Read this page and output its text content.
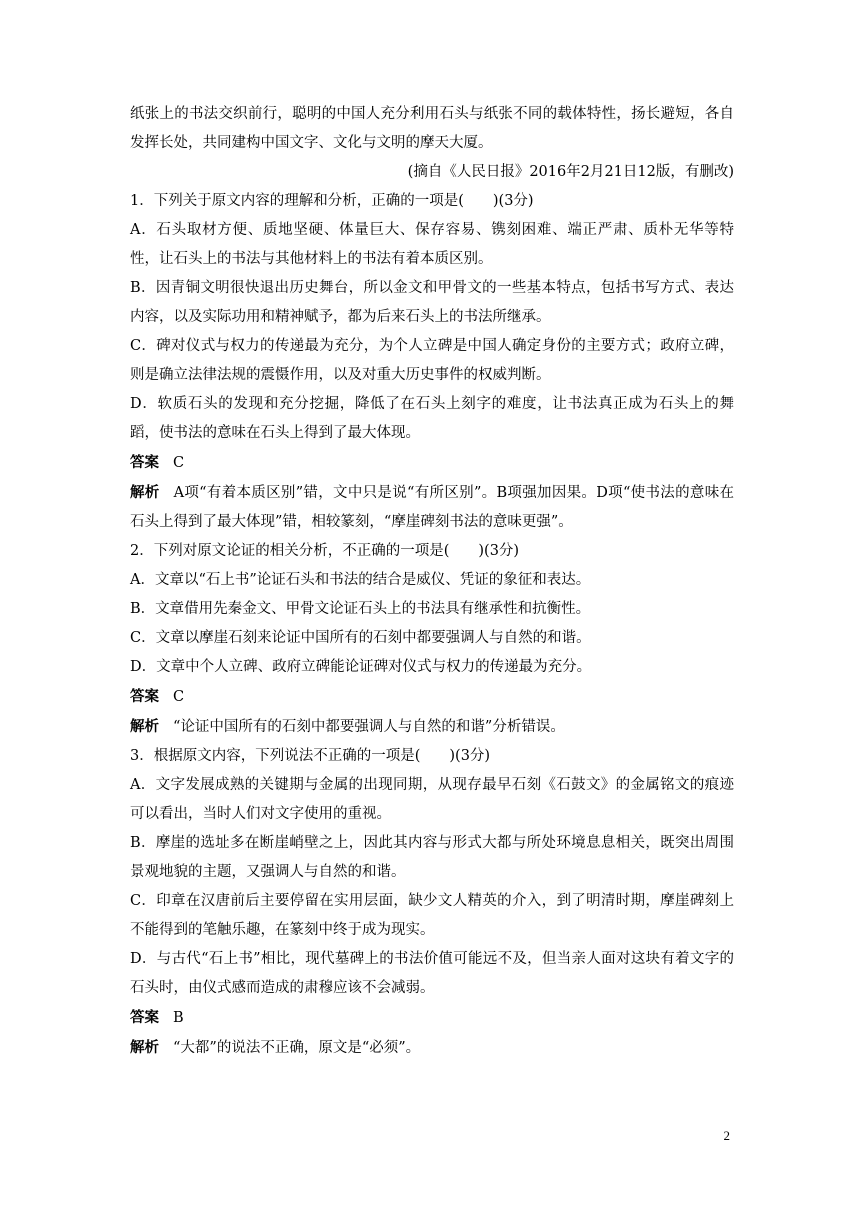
纸张上的书法交织前行，聪明的中国人充分利用石头与纸张不同的载体特性，扬长避短，各自发挥长处，共同建构中国文字、文化与文明的摩天大厦。

(摘自《人民日报》2016年2月21日12版，有删改)

1．下列关于原文内容的理解和分析，正确的一项是(　　)(3分)

A．石头取材方便、质地坚硬、体量巨大、保存容易、镌刻困难、端正严肃、质朴无华等特性，让石头上的书法与其他材料上的书法有着本质区别。

B．因青铜文明很快退出历史舞台，所以金文和甲骨文的一些基本特点，包括书写方式、表达内容，以及实际功用和精神赋予，都为后来石头上的书法所继承。

C．碑对仪式与权力的传递最为充分，为个人立碑是中国人确定身份的主要方式；政府立碑，则是确立法律法规的震慑作用，以及对重大历史事件的权威判断。

D．软质石头的发现和充分挖掘，降低了在石头上刻字的难度，让书法真正成为石头上的舞蹈，使书法的意味在石头上得到了最大体现。

答案 C

解析 A项“有着本质区别”错，文中只是说“有所区别”。B项强加因果。D项“使书法的意味在石头上得到了最大体现”错，相较篆刻，“摩崖碑刻书法的意味更强”。

2．下列对原文论证的相关分析，不正确的一项是(　　)(3分)

A．文章以“石上书”论证石头和书法的结合是威仪、凭证的象征和表达。

B．文章借用先秦金文、甲骨文论证石头上的书法具有继承性和抗衡性。

C．文章以摩崖石刻来论证中国所有的石刻中都要强调人与自然的和谐。

D．文章中个人立碑、政府立碑能论证碑对仪式与权力的传递最为充分。

答案 C

解析 “论证中国所有的石刻中都要强调人与自然的和谐”分析错误。

3．根据原文内容，下列说法不正确的一项是(　　)(3分)

A．文字发展成熟的关键期与金属的出现同期，从现存最早石刻《石鼓文》的金属铭文的痕迹可以看出，当时人们对文字使用的重视。

B．摩崖的选址多在断崖峭壁之上，因此其内容与形式大都与所处环境息息相关，既突出周围景观地貌的主题，又强调人与自然的和谐。

C．印章在汉唐前后主要停留在实用层面，缺少文人精英的介入，到了明清时期，摩崖碑刻上不能得到的笔触乐趣，在篆刻中终于成为现实。

D．与古代“石上书”相比，现代墓碑上的书法价值可能远不及，但当亲人面对这块有着文字的石头时，由仪式感而造成的肃穆应该不会减弱。

答案 B

解析 “大都”的说法不正确，原文是“必须”。

2
